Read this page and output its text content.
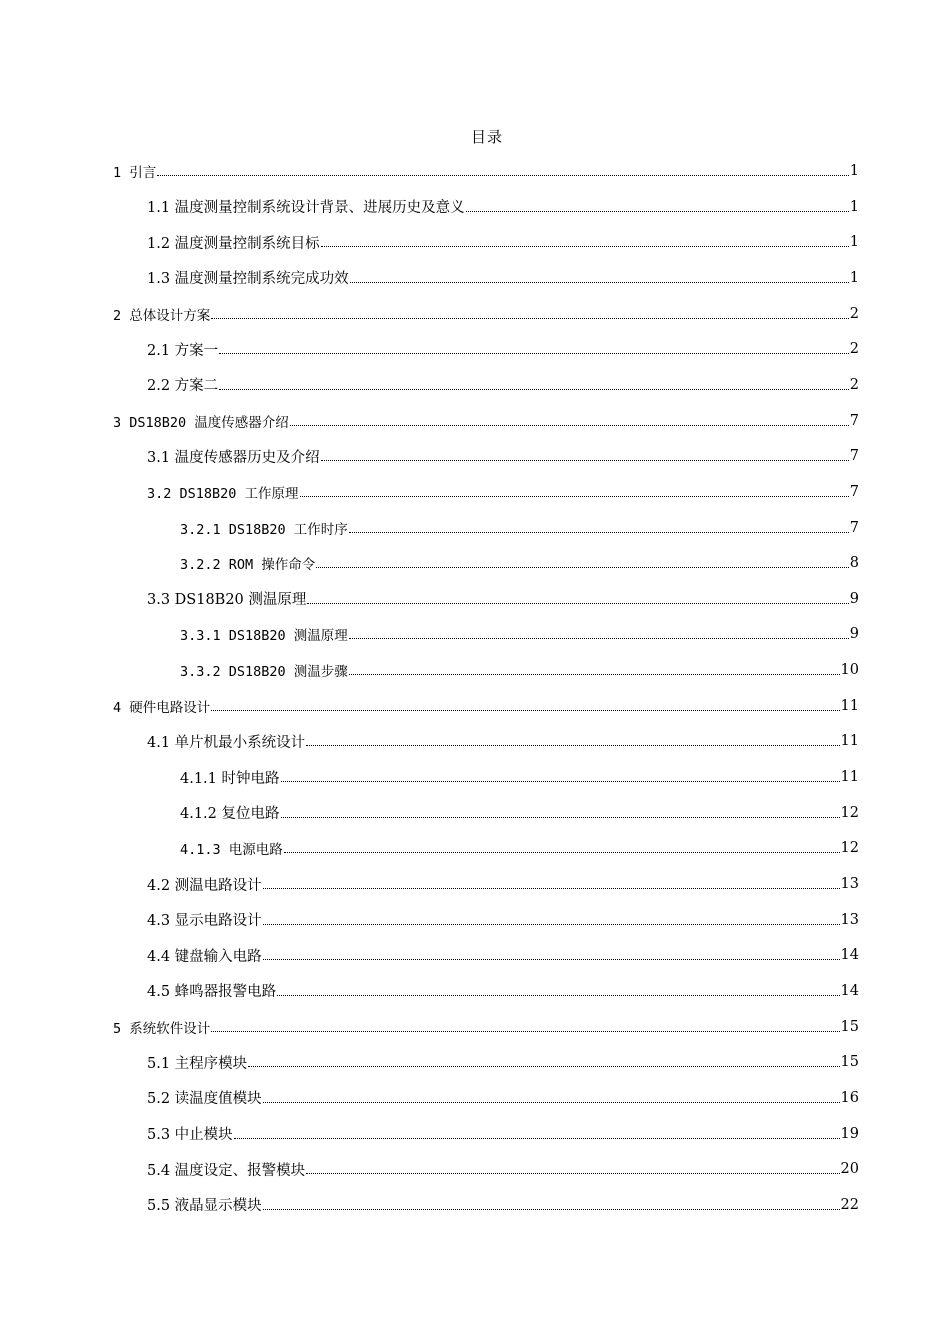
目录
1 引言	1
1.1 温度测量控制系统设计背景、进展历史及意义	1
1.2 温度测量控制系统目标	1
1.3 温度测量控制系统完成功效	1
2 总体设计方案	2
2.1 方案一	2
2.2 方案二	2
3 DS18B20 温度传感器介绍	7
3.1 温度传感器历史及介绍	7
3.2 DS18B20 工作原理	7
3.2.1 DS18B20 工作时序	7
3.2.2 ROM 操作命令	8
3.3 DS18B20 测温原理	9
3.3.1 DS18B20 测温原理	9
3.3.2 DS18B20 测温步骤	10
4 硬件电路设计	11
4.1 单片机最小系统设计	11
4.1.1 时钟电路	11
4.1.2 复位电路	12
4.1.3 电源电路	12
4.2 测温电路设计	13
4.3 显示电路设计	13
4.4 键盘输入电路	14
4.5 蜂鸣器报警电路	14
5 系统软件设计	15
5.1 主程序模块	15
5.2 读温度值模块	16
5.3 中止模块	19
5.4 温度设定、报警模块	20
5.5 液晶显示模块	22
